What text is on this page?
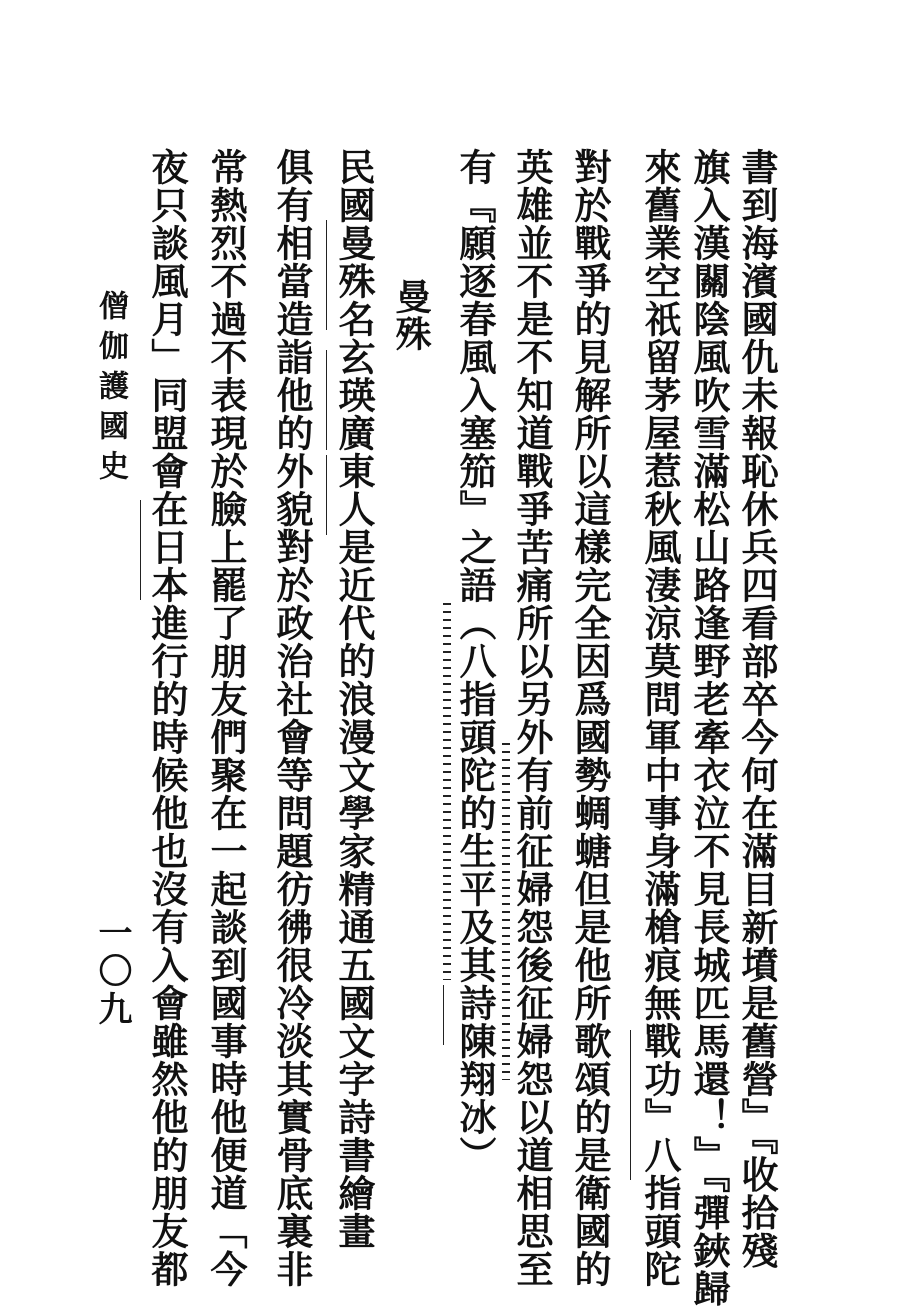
書到海濱國仇未報恥休兵四看部卒今何在滿目新墳是舊營』『收拾殘
旗入漢關陰風吹雪滿松山路逢野老牽衣泣不見長城匹馬還！』『彈鋏歸
來舊業空祇留茅屋惹秋風淒涼莫問軍中事身滿槍痕無戰功』八指頭陀
對於戰爭的見解所以這樣完全因爲國勢蜩螗但是他所歌頌的是衛國的
英雄並不是不知道戰爭苦痛所以另外有前征婦怨後征婦怨以道相思至
有『願逐春風入塞笳』之語（八指頭陀的生平及其詩陳翔冰）
曼殊
民國曼殊名玄瑛廣東人是近代的浪漫文學家精通五國文字詩書繪畫
俱有相當造詣他的外貌對於政治社會等問題彷彿很冷淡其實骨底裏非
常熱烈不過不表現於臉上罷了朋友們聚在一起談到國事時他便道「今
夜只談風月」同盟會在日本進行的時候他也沒有入會雖然他的朋友都
僧伽護國史
一〇九
